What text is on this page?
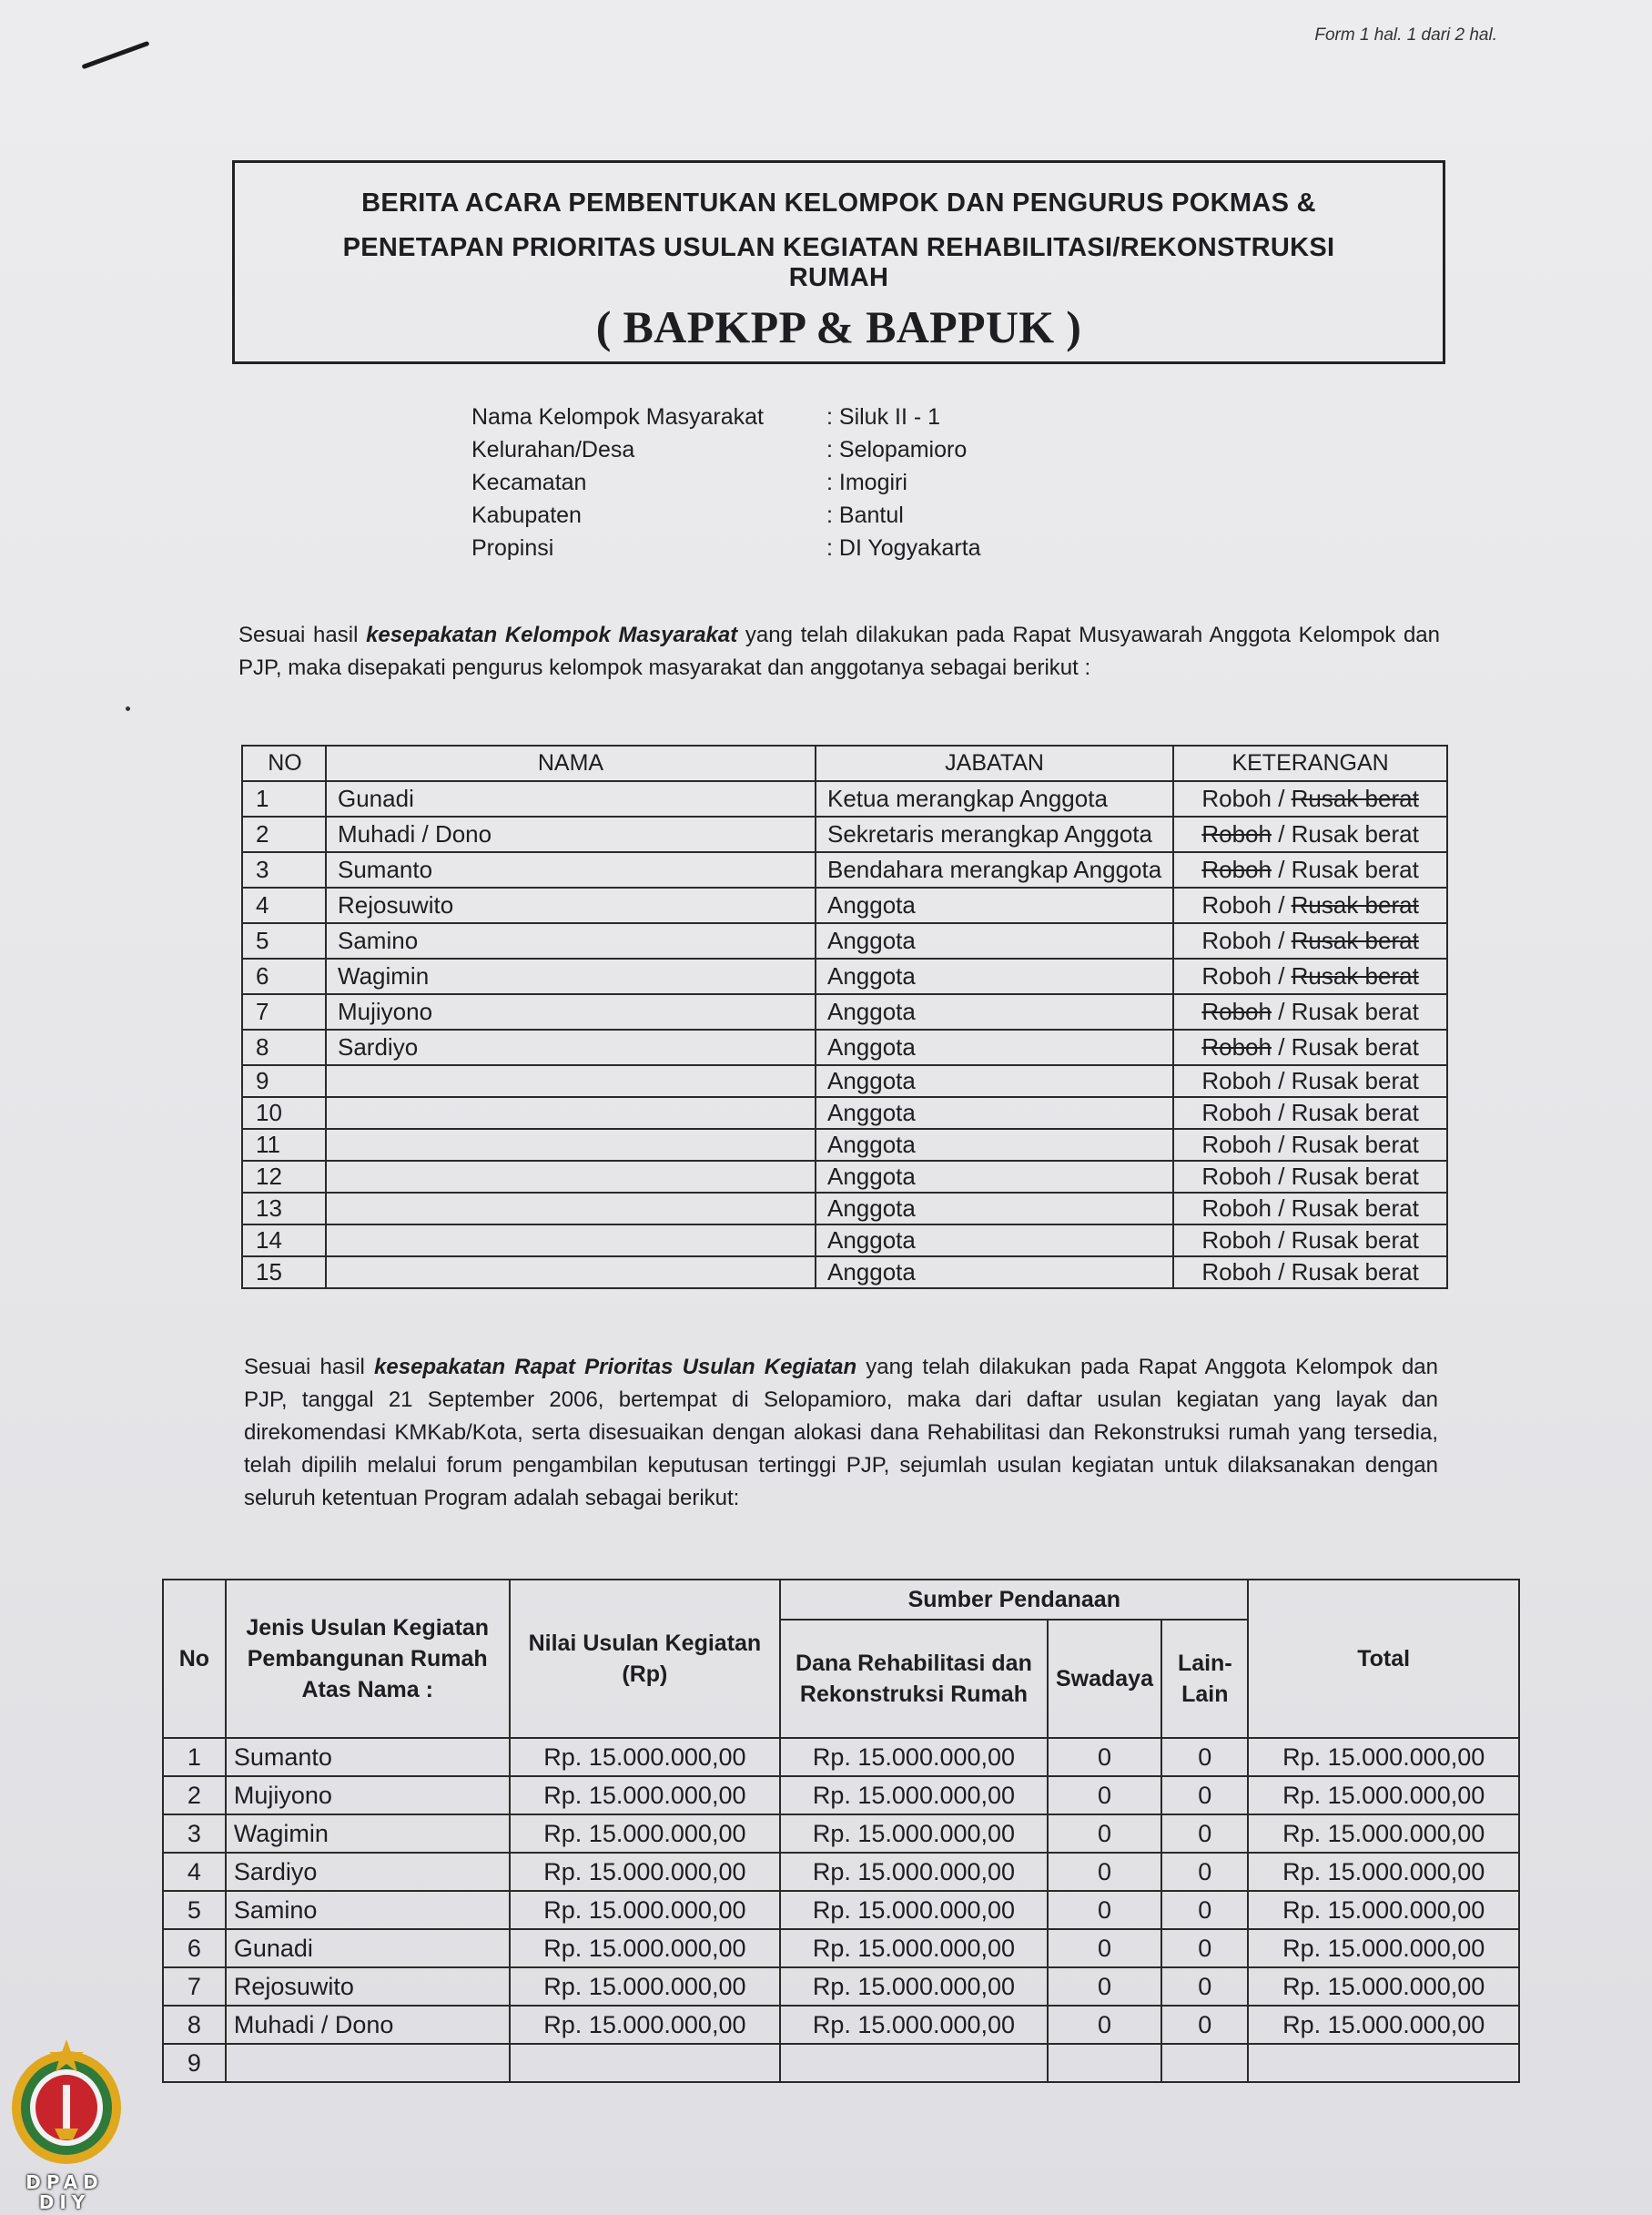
Form 1 hal. 1 dari 2 hal.
BERITA ACARA PEMBENTUKAN KELOMPOK DAN PENGURUS POKMAS &
PENETAPAN PRIORITAS USULAN KEGIATAN REHABILITASI/REKONSTRUKSI
RUMAH
( BAPKPP & BAPPUK )
Nama Kelompok Masyarakat	: Siluk II - 1
Kelurahan/Desa	: Selopamioro
Kecamatan	: Imogiri
Kabupaten	: Bantul
Propinsi	: DI Yogyakarta
Sesuai hasil kesepakatan Kelompok Masyarakat yang telah dilakukan pada Rapat Musyawarah Anggota Kelompok dan PJP, maka disepakati pengurus kelompok masyarakat dan anggotanya sebagai berikut :
NO	NAMA	JABATAN	KETERANGAN
1	Gunadi	Ketua merangkap Anggota	Roboh / Rusak berat
2	Muhadi / Dono	Sekretaris merangkap Anggota	Roboh / Rusak berat
3	Sumanto	Bendahara merangkap Anggota	Roboh / Rusak berat
4	Rejosuwito	Anggota	Roboh / Rusak berat
5	Samino	Anggota	Roboh / Rusak berat
6	Wagimin	Anggota	Roboh / Rusak berat
7	Mujiyono	Anggota	Roboh / Rusak berat
8	Sardiyo	Anggota	Roboh / Rusak berat
9		Anggota	Roboh / Rusak berat
10		Anggota	Roboh / Rusak berat
11		Anggota	Roboh / Rusak berat
12		Anggota	Roboh / Rusak berat
13		Anggota	Roboh / Rusak berat
14		Anggota	Roboh / Rusak berat
15		Anggota	Roboh / Rusak berat
Sesuai hasil kesepakatan Rapat Prioritas Usulan Kegiatan yang telah dilakukan pada Rapat Anggota Kelompok dan PJP, tanggal 21 September 2006, bertempat di Selopamioro, maka dari daftar usulan kegiatan yang layak dan direkomendasi KMKab/Kota, serta disesuaikan dengan alokasi dana Rehabilitasi dan Rekonstruksi rumah yang tersedia, telah dipilih melalui forum pengambilan keputusan tertinggi PJP, sejumlah usulan kegiatan untuk dilaksanakan dengan seluruh ketentuan Program adalah sebagai berikut:
No	Jenis Usulan Kegiatan Pembangunan Rumah Atas Nama :	Nilai Usulan Kegiatan (Rp)	Sumber Pendanaan			Total
			Dana Rehabilitasi dan Rekonstruksi Rumah	Swadaya	Lain-Lain	
1	Sumanto	Rp. 15.000.000,00	Rp. 15.000.000,00	0	0	Rp. 15.000.000,00
2	Mujiyono	Rp. 15.000.000,00	Rp. 15.000.000,00	0	0	Rp. 15.000.000,00
3	Wagimin	Rp. 15.000.000,00	Rp. 15.000.000,00	0	0	Rp. 15.000.000,00
4	Sardiyo	Rp. 15.000.000,00	Rp. 15.000.000,00	0	0	Rp. 15.000.000,00
5	Samino	Rp. 15.000.000,00	Rp. 15.000.000,00	0	0	Rp. 15.000.000,00
6	Gunadi	Rp. 15.000.000,00	Rp. 15.000.000,00	0	0	Rp. 15.000.000,00
7	Rejosuwito	Rp. 15.000.000,00	Rp. 15.000.000,00	0	0	Rp. 15.000.000,00
8	Muhadi / Dono	Rp. 15.000.000,00	Rp. 15.000.000,00	0	0	Rp. 15.000.000,00
9						
DPAD
DIY
